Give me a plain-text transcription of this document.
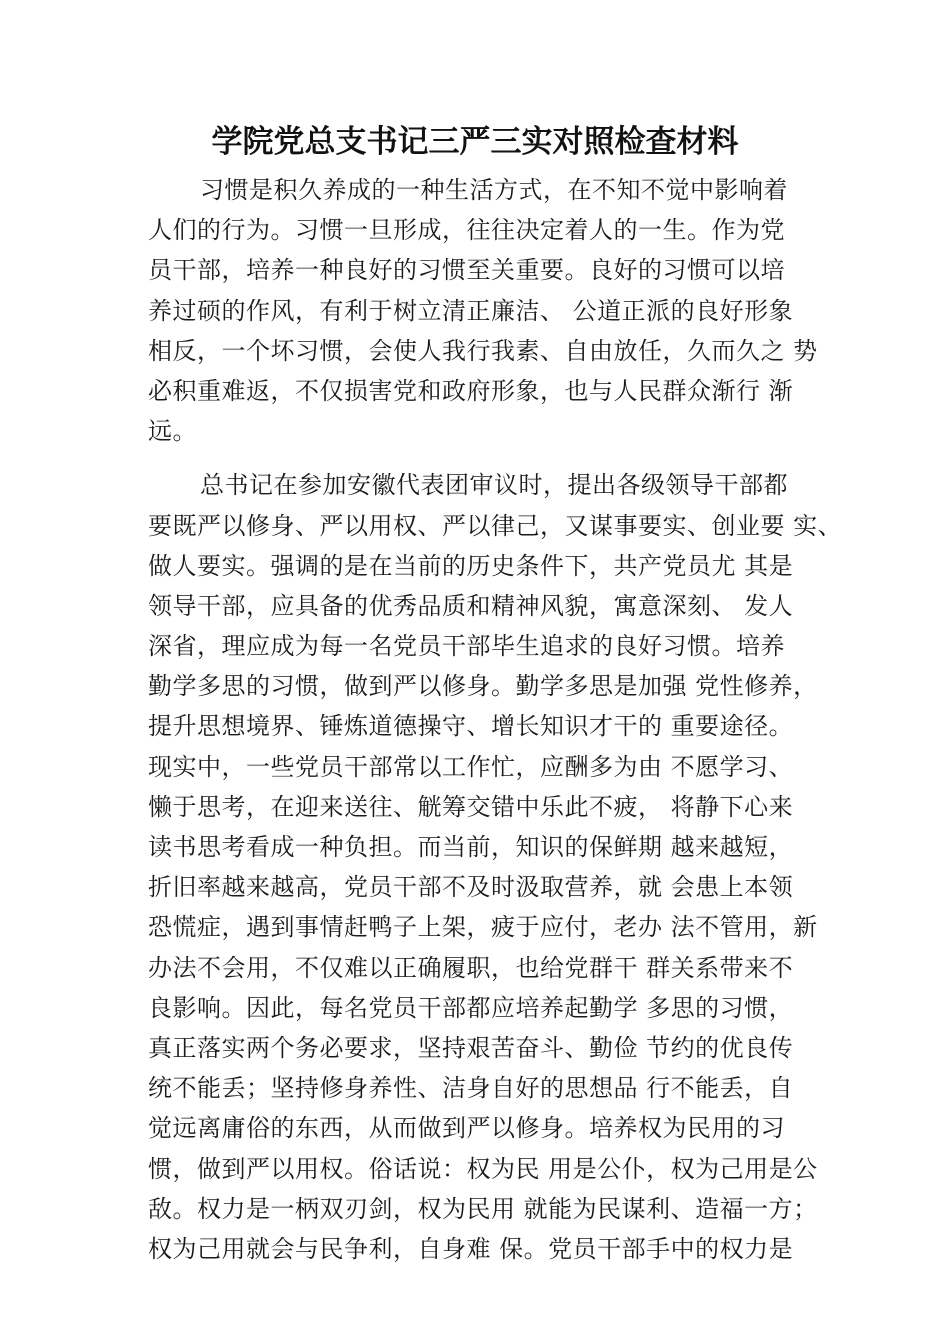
学院党总支书记三严三实对照检查材料
习惯是积久养成的一种生活方式，在不知不觉中影响着
人们的行为。习惯一旦形成，往往决定着人的一生。作为党
员干部，培养一种良好的习惯至关重要。良好的习惯可以培
养过硕的作风，有利于树立清正廉洁、 公道正派的良好形象
相反，一个坏习惯，会使人我行我素、自由放任，久而久之 势
必积重难返，不仅损害党和政府形象，也与人民群众渐行 渐
远。
总书记在参加安徽代表团审议时，提出各级领导干部都
要既严以修身、严以用权、严以律己，又谋事要实、创业要 实、
做人要实。强调的是在当前的历史条件下，共产党员尤 其是
领导干部，应具备的优秀品质和精神风貌，寓意深刻、 发人
深省，理应成为每一名党员干部毕生追求的良好习惯。培养
勤学多思的习惯，做到严以修身。勤学多思是加强 党性修养，
提升思想境界、锤炼道德操守、增长知识才干的 重要途径。
现实中，一些党员干部常以工作忙，应酬多为由 不愿学习、
懒于思考，在迎来送往、觥筹交错中乐此不疲， 将静下心来
读书思考看成一种负担。而当前，知识的保鲜期 越来越短，
折旧率越来越高，党员干部不及时汲取营养，就 会患上本领
恐慌症，遇到事情赶鸭子上架，疲于应付，老办 法不管用，新
办法不会用，不仅难以正确履职，也给党群干 群关系带来不
良影响。因此，每名党员干部都应培养起勤学 多思的习惯，
真正落实两个务必要求，坚持艰苦奋斗、勤俭 节约的优良传
统不能丢；坚持修身养性、洁身自好的思想品 行不能丢，自
觉远离庸俗的东西，从而做到严以修身。培养权为民用的习
惯，做到严以用权。俗话说：权为民 用是公仆，权为己用是公
敌。权力是一柄双刃剑，权为民用 就能为民谋利、造福一方；
权为己用就会与民争利，自身难 保。党员干部手中的权力是
